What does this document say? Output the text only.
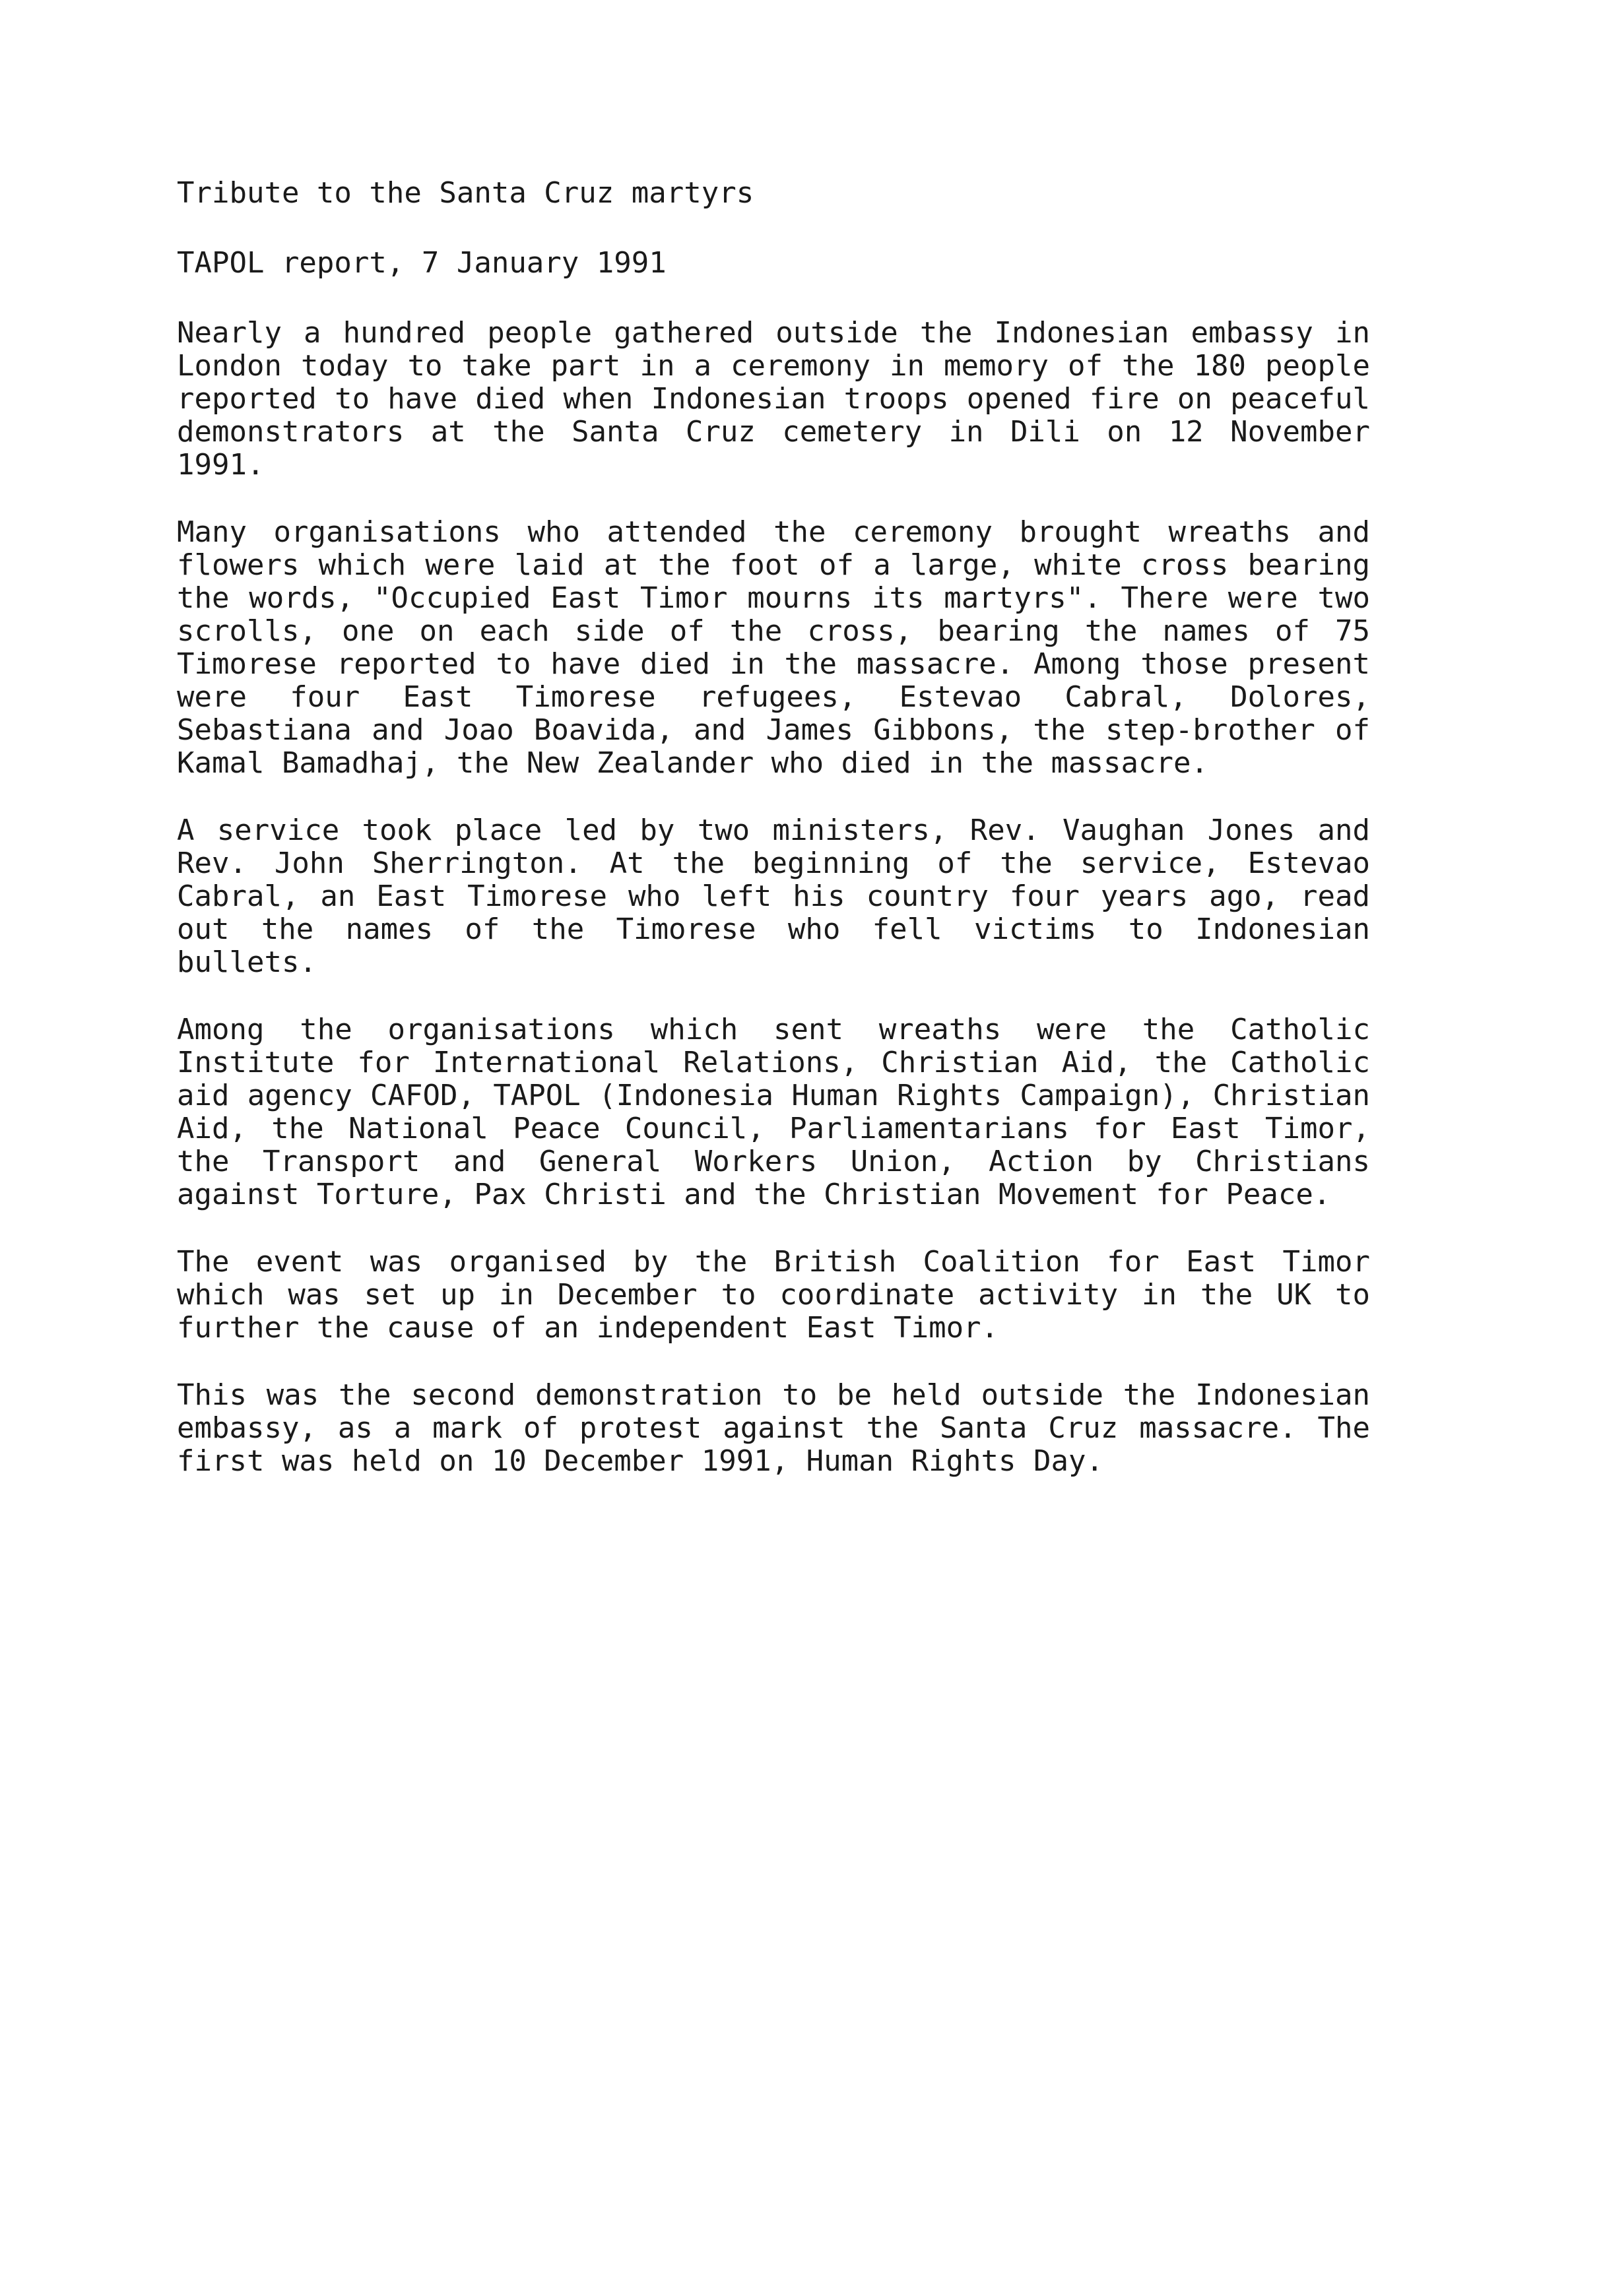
Tribute to the Santa Cruz martyrs
TAPOL report, 7 January 1991

Nearly a hundred people gathered outside the Indonesian embassy in London today to take part in a ceremony in memory of the 180 people reported to have died when Indonesian troops opened fire on peaceful demonstrators at the Santa Cruz cemetery in Dili on 12 November 1991.

Many organisations who attended the ceremony brought wreaths and flowers which were laid at the foot of a large, white cross bearing the words, "Occupied East Timor mourns its martyrs". There were two scrolls, one on each side of the cross, bearing the names of 75 Timorese reported to have died in the massacre. Among those present were four East Timorese refugees, Estevao Cabral, Dolores, Sebastiana and Joao Boavida, and James Gibbons, the step-brother of Kamal Bamadhaj, the New Zealander who died in the massacre.

A service took place led by two ministers, Rev. Vaughan Jones and Rev. John Sherrington. At the beginning of the service, Estevao Cabral, an East Timorese who left his country four years ago, read out the names of the Timorese who fell victims to Indonesian bullets.

Among the organisations which sent wreaths were the Catholic Institute for International Relations, Christian Aid, the Catholic aid agency CAFOD, TAPOL (Indonesia Human Rights Campaign), Christian Aid, the National Peace Council, Parliamentarians for East Timor, the Transport and General Workers Union, Action by Christians against Torture, Pax Christi and the Christian Movement for Peace.

The event was organised by the British Coalition for East Timor which was set up in December to coordinate activity in the UK to further the cause of an independent East Timor.

This was the second demonstration to be held outside the Indonesian embassy, as a mark of protest against the Santa Cruz massacre. The first was held on 10 December 1991, Human Rights Day.
